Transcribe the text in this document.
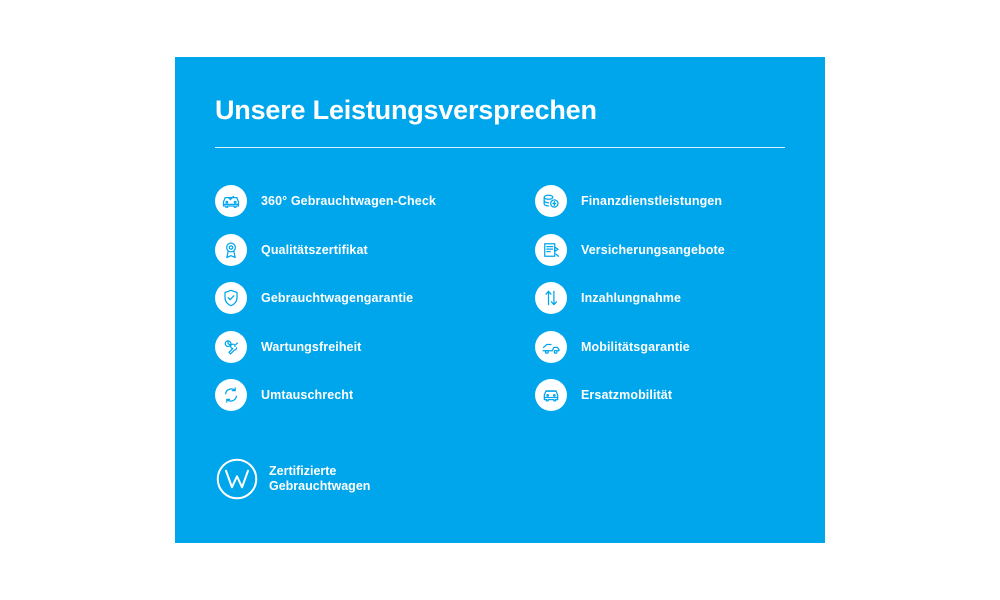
Unsere Leistungsversprechen
360° Gebrauchtwagen-Check
Qualitätszertifikat
Gebrauchtwagengarantie
Wartungsfreiheit
Umtauschrecht
Finanzdienstleistungen
Versicherungsangebote
Inzahlungnahme
Mobilitätsgarantie
Ersatzmobilität
Zertifizierte
Gebrauchtwagen
